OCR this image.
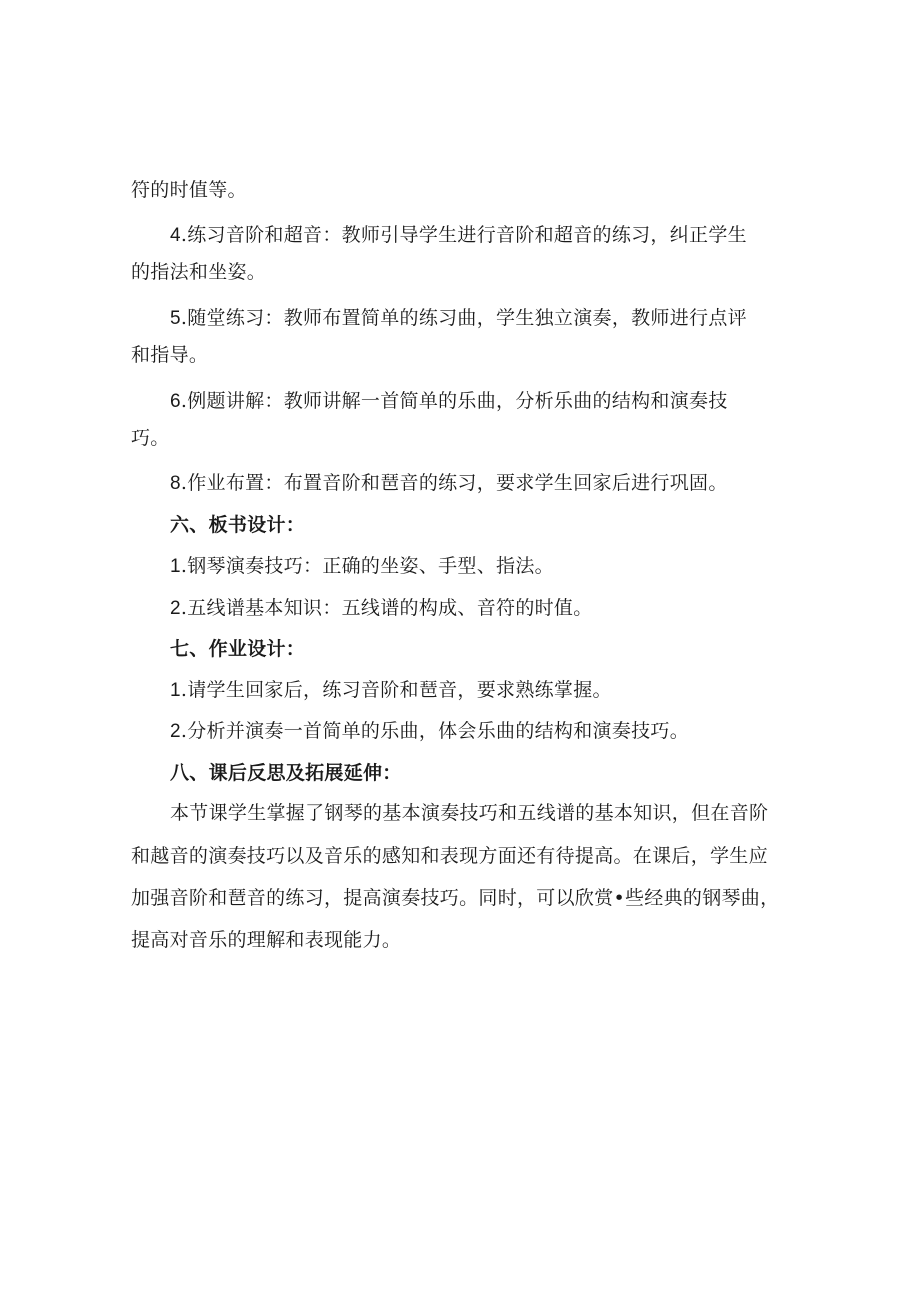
符的时值等。
4.练习音阶和超音：教师引导学生进行音阶和超音的练习，纠正学生
的指法和坐姿。
5.随堂练习：教师布置简单的练习曲，学生独立演奏，教师进行点评
和指导。
6.例题讲解：教师讲解一首简单的乐曲，分析乐曲的结构和演奏技
巧。
8.作业布置：布置音阶和琶音的练习，要求学生回家后进行巩固。
六、板书设计：
1.钢琴演奏技巧：正确的坐姿、手型、指法。
2.五线谱基本知识：五线谱的构成、音符的时值。
七、作业设计：
1.请学生回家后，练习音阶和琶音，要求熟练掌握。
2.分析并演奏一首简单的乐曲，体会乐曲的结构和演奏技巧。
八、课后反思及拓展延伸：
本节课学生掌握了钢琴的基本演奏技巧和五线谱的基本知识，但在音阶
和越音的演奏技巧以及音乐的感知和表现方面还有待提高。在课后，学生应
加强音阶和琶音的练习，提高演奏技巧。同时，可以欣赏•些经典的钢琴曲，
提高对音乐的理解和表现能力。
